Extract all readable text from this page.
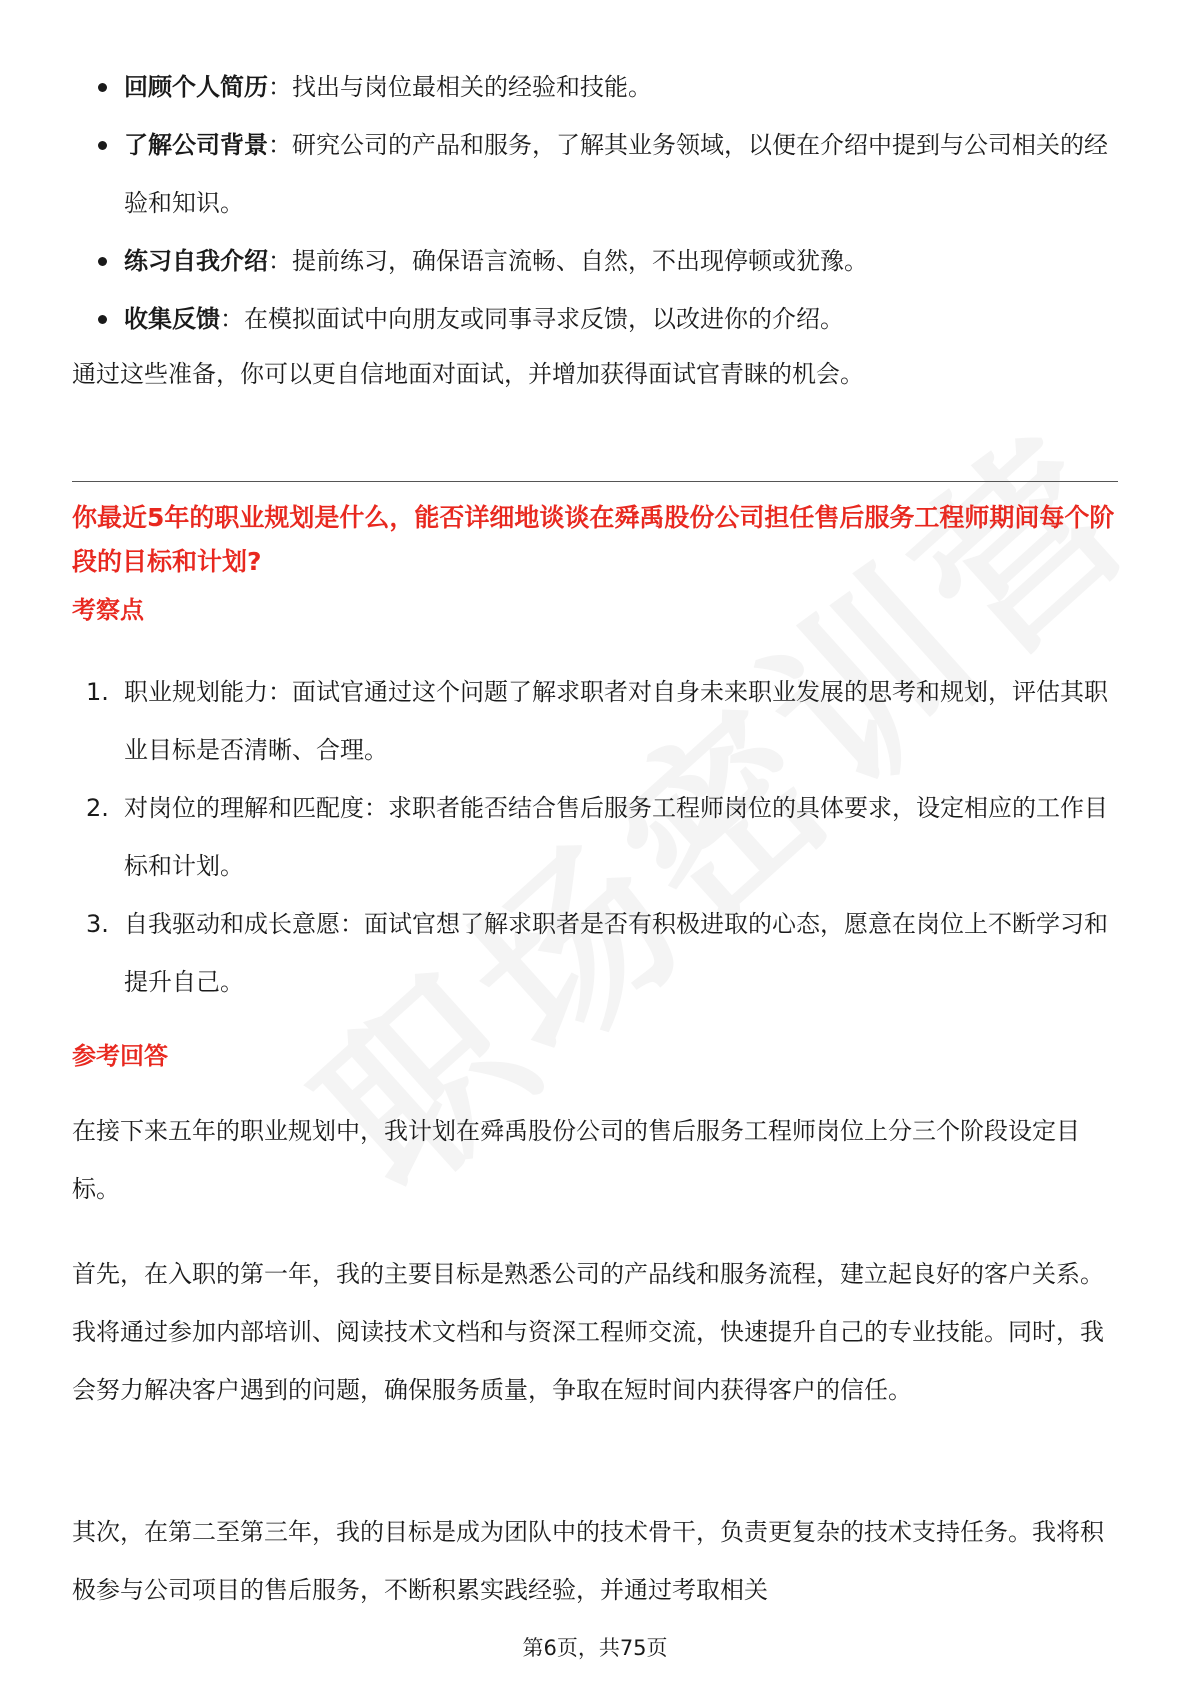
回顾个人简历：找出与岗位最相关的经验和技能。
了解公司背景：研究公司的产品和服务，了解其业务领域，以便在介绍中提到与公司相关的经验和知识。
练习自我介绍：提前练习，确保语言流畅、自然，不出现停顿或犹豫。
收集反馈：在模拟面试中向朋友或同事寻求反馈，以改进你的介绍。

通过这些准备，你可以更自信地面对面试，并增加获得面试官青睐的机会。

你最近5年的职业规划是什么，能否详细地谈谈在舜禹股份公司担任售后服务工程师期间每个阶段的目标和计划?

考察点

1. 职业规划能力：面试官通过这个问题了解求职者对自身未来职业发展的思考和规划，评估其职业目标是否清晰、合理。
2. 对岗位的理解和匹配度：求职者能否结合售后服务工程师岗位的具体要求，设定相应的工作目标和计划。
3. 自我驱动和成长意愿：面试官想了解求职者是否有积极进取的心态，愿意在岗位上不断学习和提升自己。

参考回答

在接下来五年的职业规划中，我计划在舜禹股份公司的售后服务工程师岗位上分三个阶段设定目标。

首先，在入职的第一年，我的主要目标是熟悉公司的产品线和服务流程，建立起良好的客户关系。我将通过参加内部培训、阅读技术文档和与资深工程师交流，快速提升自己的专业技能。同时，我会努力解决客户遇到的问题，确保服务质量，争取在短时间内获得客户的信任。

其次，在第二至第三年，我的目标是成为团队中的技术骨干，负责更复杂的技术支持任务。我将积极参与公司项目的售后服务，不断积累实践经验，并通过考取相关

第6页，共75页
